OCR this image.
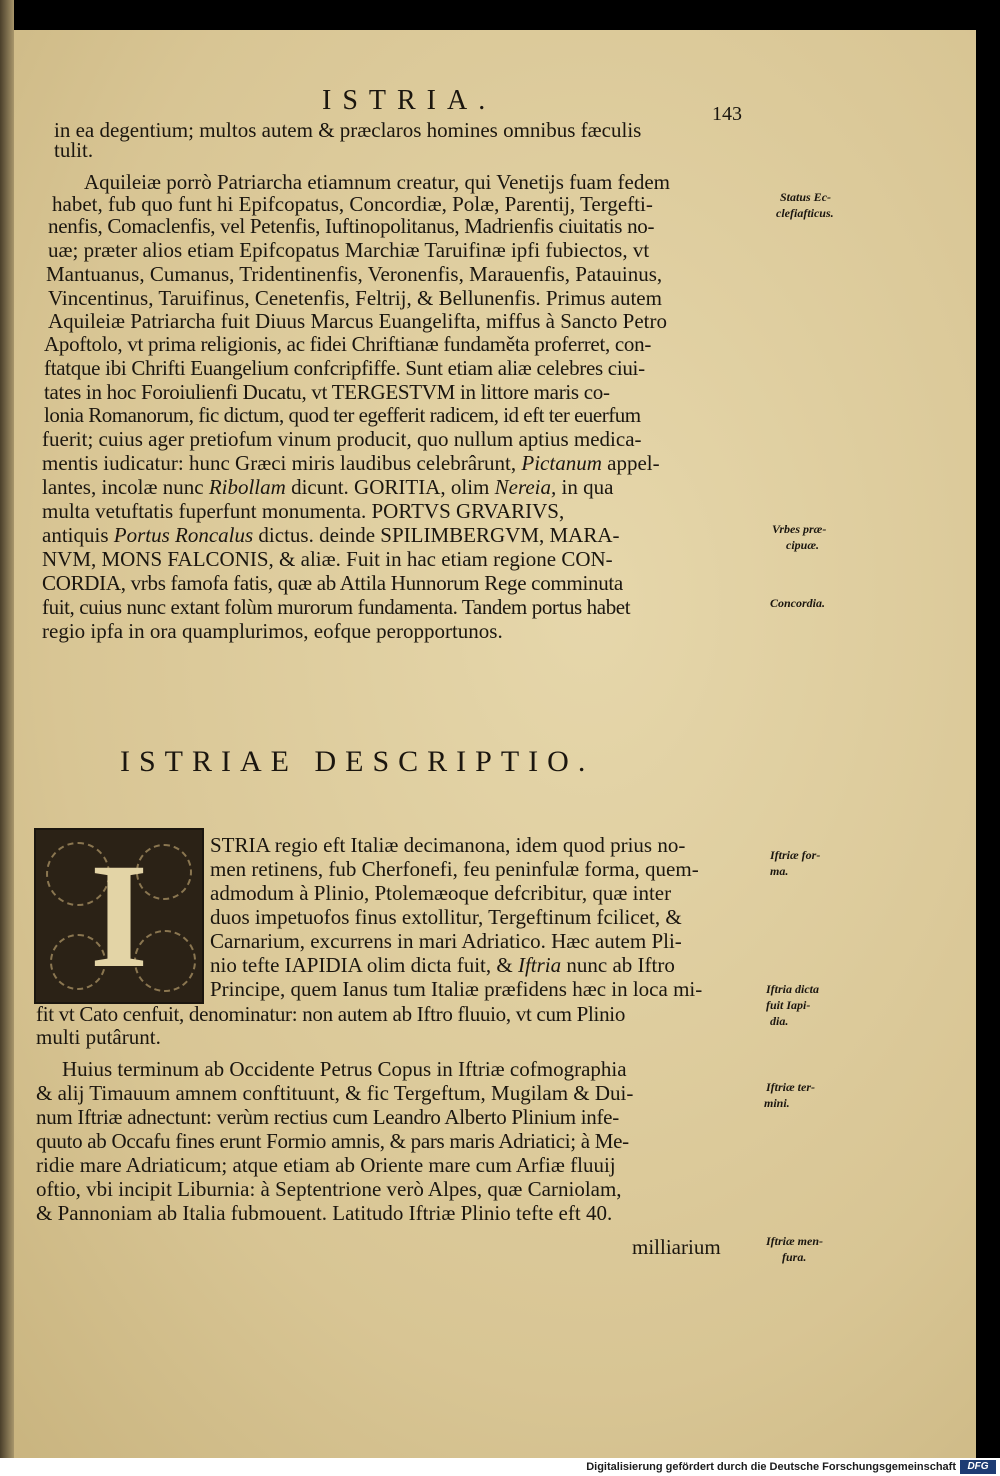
ISTRIA.	143
in ea degentium; multos autem & præclaros homines omnibus fæculis
tulit.
Aquileiæ porrò Patriarcha etiamnum creatur, qui Venetijs fuam fedem
habet, fub quo funt hi Epifcopatus, Concordiæ, Polæ, Parentij, Tergefti-
nenfis, Comaclenfis, vel Petenfis, Iuftinopolitanus, Madrienfis ciuitatis no-
uæ; præter alios etiam Epifcopatus Marchiæ Taruifinæ ipfi fubiectos, vt
Mantuanus, Cumanus, Tridentinenfis, Veronenfis, Marauenfis, Patauinus,
Vincentinus, Taruifinus, Cenetenfis, Feltrij, & Bellunenfis. Primus autem
Aquileiæ Patriarcha fuit Diuus Marcus Euangelifta, miffus à Sancto Petro
Apoftolo, vt prima religionis, ac fidei Chriftianæ fundaměta proferret, con-
ftatque ibi Chrifti Euangelium confcripfiffe. Sunt etiam aliæ celebres ciui-
tates in hoc Foroiulienfi Ducatu, vt TERGESTVM in littore maris co-
lonia Romanorum, fic dictum, quod ter egefferit radicem, id eft ter euerfum
fuerit; cuius ager pretiofum vinum producit, quo nullum aptius medica-
mentis iudicatur: hunc Græci miris laudibus celebrârunt, Pictanum appel-
lantes, incolæ nunc Ribollam dicunt. GORITIA, olim Nereia, in qua
multa vetuftatis fuperfunt monumenta. PORTVS GRVARIVS,
antiquis Portus Roncalus dictus. deinde SPILIMBERGVM, MARA-
NVM, MONS FALCONIS, & aliæ. Fuit in hac etiam regione CON-
CORDIA, vrbs famofa fatis, quæ ab Attila Hunnorum Rege comminuta
fuit, cuius nunc extant folùm murorum fundamenta. Tandem portus habet
regio ipfa in ora quamplurimos, eofque peropportunos.
ISTRIAE DESCRIPTIO.
I	STRIA regio eft Italiæ decimanona, idem quod prius no-
men retinens, fub Cherfonefi, feu peninfulæ forma, quem-
admodum à Plinio, Ptolemæoque defcribitur, quæ inter
duos impetuofos finus extollitur, Tergeftinum fcilicet, &
Carnarium, excurrens in mari Adriatico. Hæc autem Pli-
nio tefte IAPIDIA olim dicta fuit, & Iftria nunc ab Iftro
Principe, quem Ianus tum Italiæ præfidens hæc in loca mi-
fit vt Cato cenfuit, denominatur: non autem ab Iftro fluuio, vt cum Plinio
multi putârunt.
Huius terminum ab Occidente Petrus Copus in Iftriæ cofmographia
& alij Timauum amnem conftituunt, & fic Tergeftum, Mugilam & Dui-
num Iftriæ adnectunt: verùm rectius cum Leandro Alberto Plinium infe-
quuto ab Occafu fines erunt Formio amnis, & pars maris Adriatici; à Me-
ridie mare Adriaticum; atque etiam ab Oriente mare cum Arfiæ fluuij
oftio, vbi incipit Liburnia: à Septentrione verò Alpes, quæ Carniolam,
& Pannoniam ab Italia fubmouent. Latitudo Iftriæ Plinio tefte eft 40.
milliarium
Status Ec-
clefiafticus.
Vrbes præ-
cipuæ.
Concordia.
Iftriæ for-
ma.
Iftria dicta
fuit Iapi-
dia.
Iftriæ ter-
mini.
Iftriæ men-
fura.
Digitalisierung gefördert durch die Deutsche Forschungsgemeinschaft	DFG
